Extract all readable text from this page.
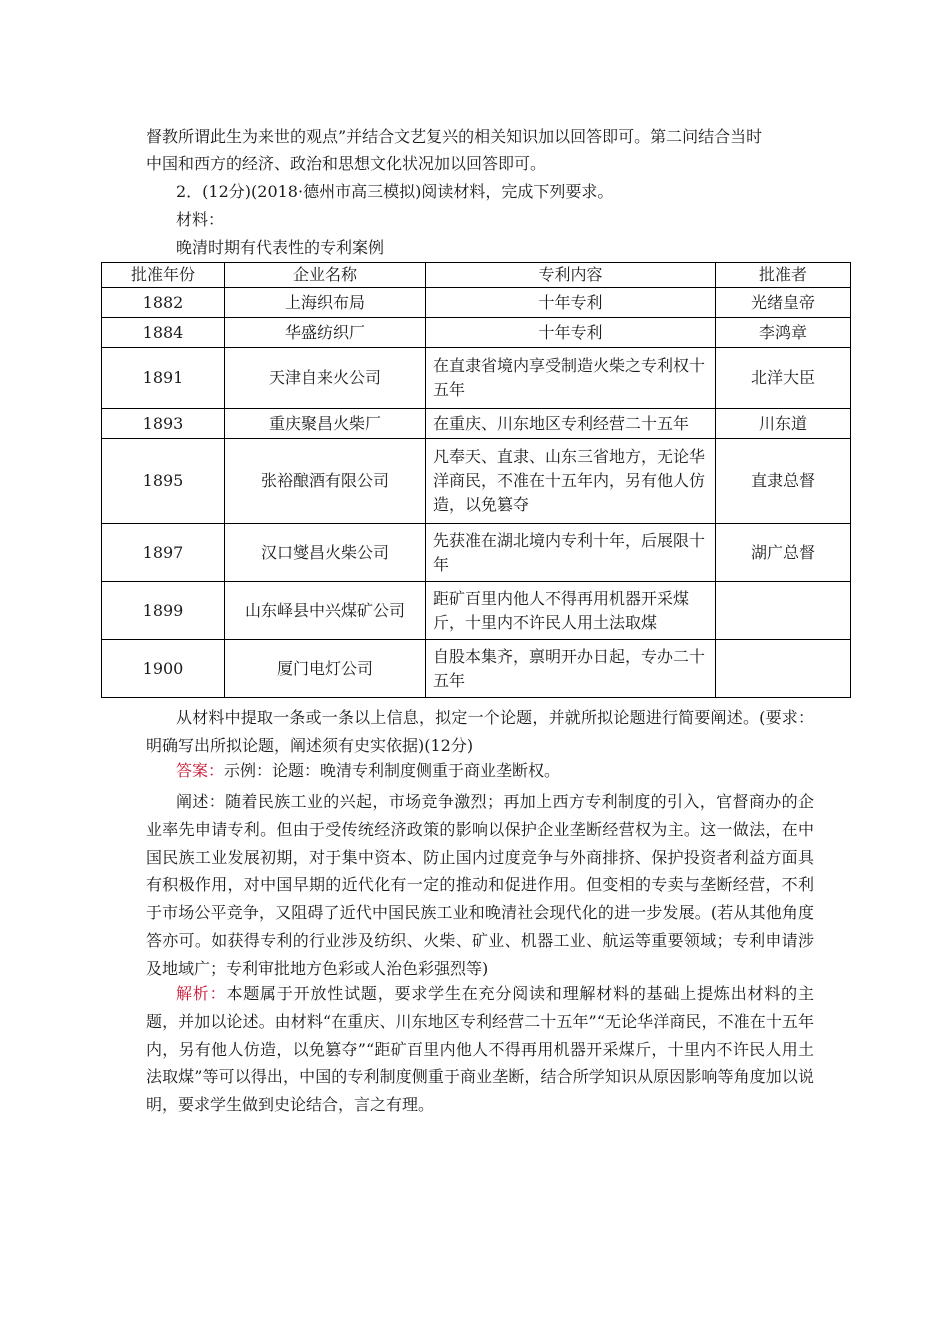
督教所谓此生为来世的观点”并结合文艺复兴的相关知识加以回答即可。第二问结合当时

中国和西方的经济、政治和思想文化状况加以回答即可。

2．(12分)(2018·德州市高三模拟)阅读材料，完成下列要求。

材料：

晚清时期有代表性的专利案例

批准年份	企业名称	专利内容	批准者
1882	上海织布局	十年专利	光绪皇帝
1884	华盛纺织厂	十年专利	李鸿章
1891	天津自来火公司	在直隶省境内享受制造火柴之专利权十五年	北洋大臣
1893	重庆聚昌火柴厂	在重庆、川东地区专利经营二十五年	川东道
1895	张裕酿酒有限公司	凡奉天、直隶、山东三省地方，无论华洋商民，不准在十五年内，另有他人仿造，以免篡夺	直隶总督
1897	汉口燮昌火柴公司	先获准在湖北境内专利十年，后展限十年	湖广总督
1899	山东峄县中兴煤矿公司	距矿百里内他人不得再用机器开采煤斤，十里内不许民人用土法取煤	
1900	厦门电灯公司	自股本集齐，禀明开办日起，专办二十五年	

从材料中提取一条或一条以上信息，拟定一个论题，并就所拟论题进行简要阐述。(要求：明确写出所拟论题，阐述须有史实依据)(12分)

答案：示例：论题：晚清专利制度侧重于商业垄断权。

阐述：随着民族工业的兴起，市场竞争激烈；再加上西方专利制度的引入，官督商办的企业率先申请专利。但由于受传统经济政策的影响以保护企业垄断经营权为主。这一做法，在中国民族工业发展初期，对于集中资本、防止国内过度竞争与外商排挤、保护投资者利益方面具有积极作用，对中国早期的近代化有一定的推动和促进作用。但变相的专卖与垄断经营，不利于市场公平竞争，又阻碍了近代中国民族工业和晚清社会现代化的进一步发展。(若从其他角度答亦可。如获得专利的行业涉及纺织、火柴、矿业、机器工业、航运等重要领域；专利申请涉及地域广；专利审批地方色彩或人治色彩强烈等)

解析：本题属于开放性试题，要求学生在充分阅读和理解材料的基础上提炼出材料的主题，并加以论述。由材料“在重庆、川东地区专利经营二十五年”“无论华洋商民，不准在十五年内，另有他人仿造，以免篡夺”“距矿百里内他人不得再用机器开采煤斤，十里内不许民人用土法取煤”等可以得出，中国的专利制度侧重于商业垄断，结合所学知识从原因影响等角度加以说明，要求学生做到史论结合，言之有理。
